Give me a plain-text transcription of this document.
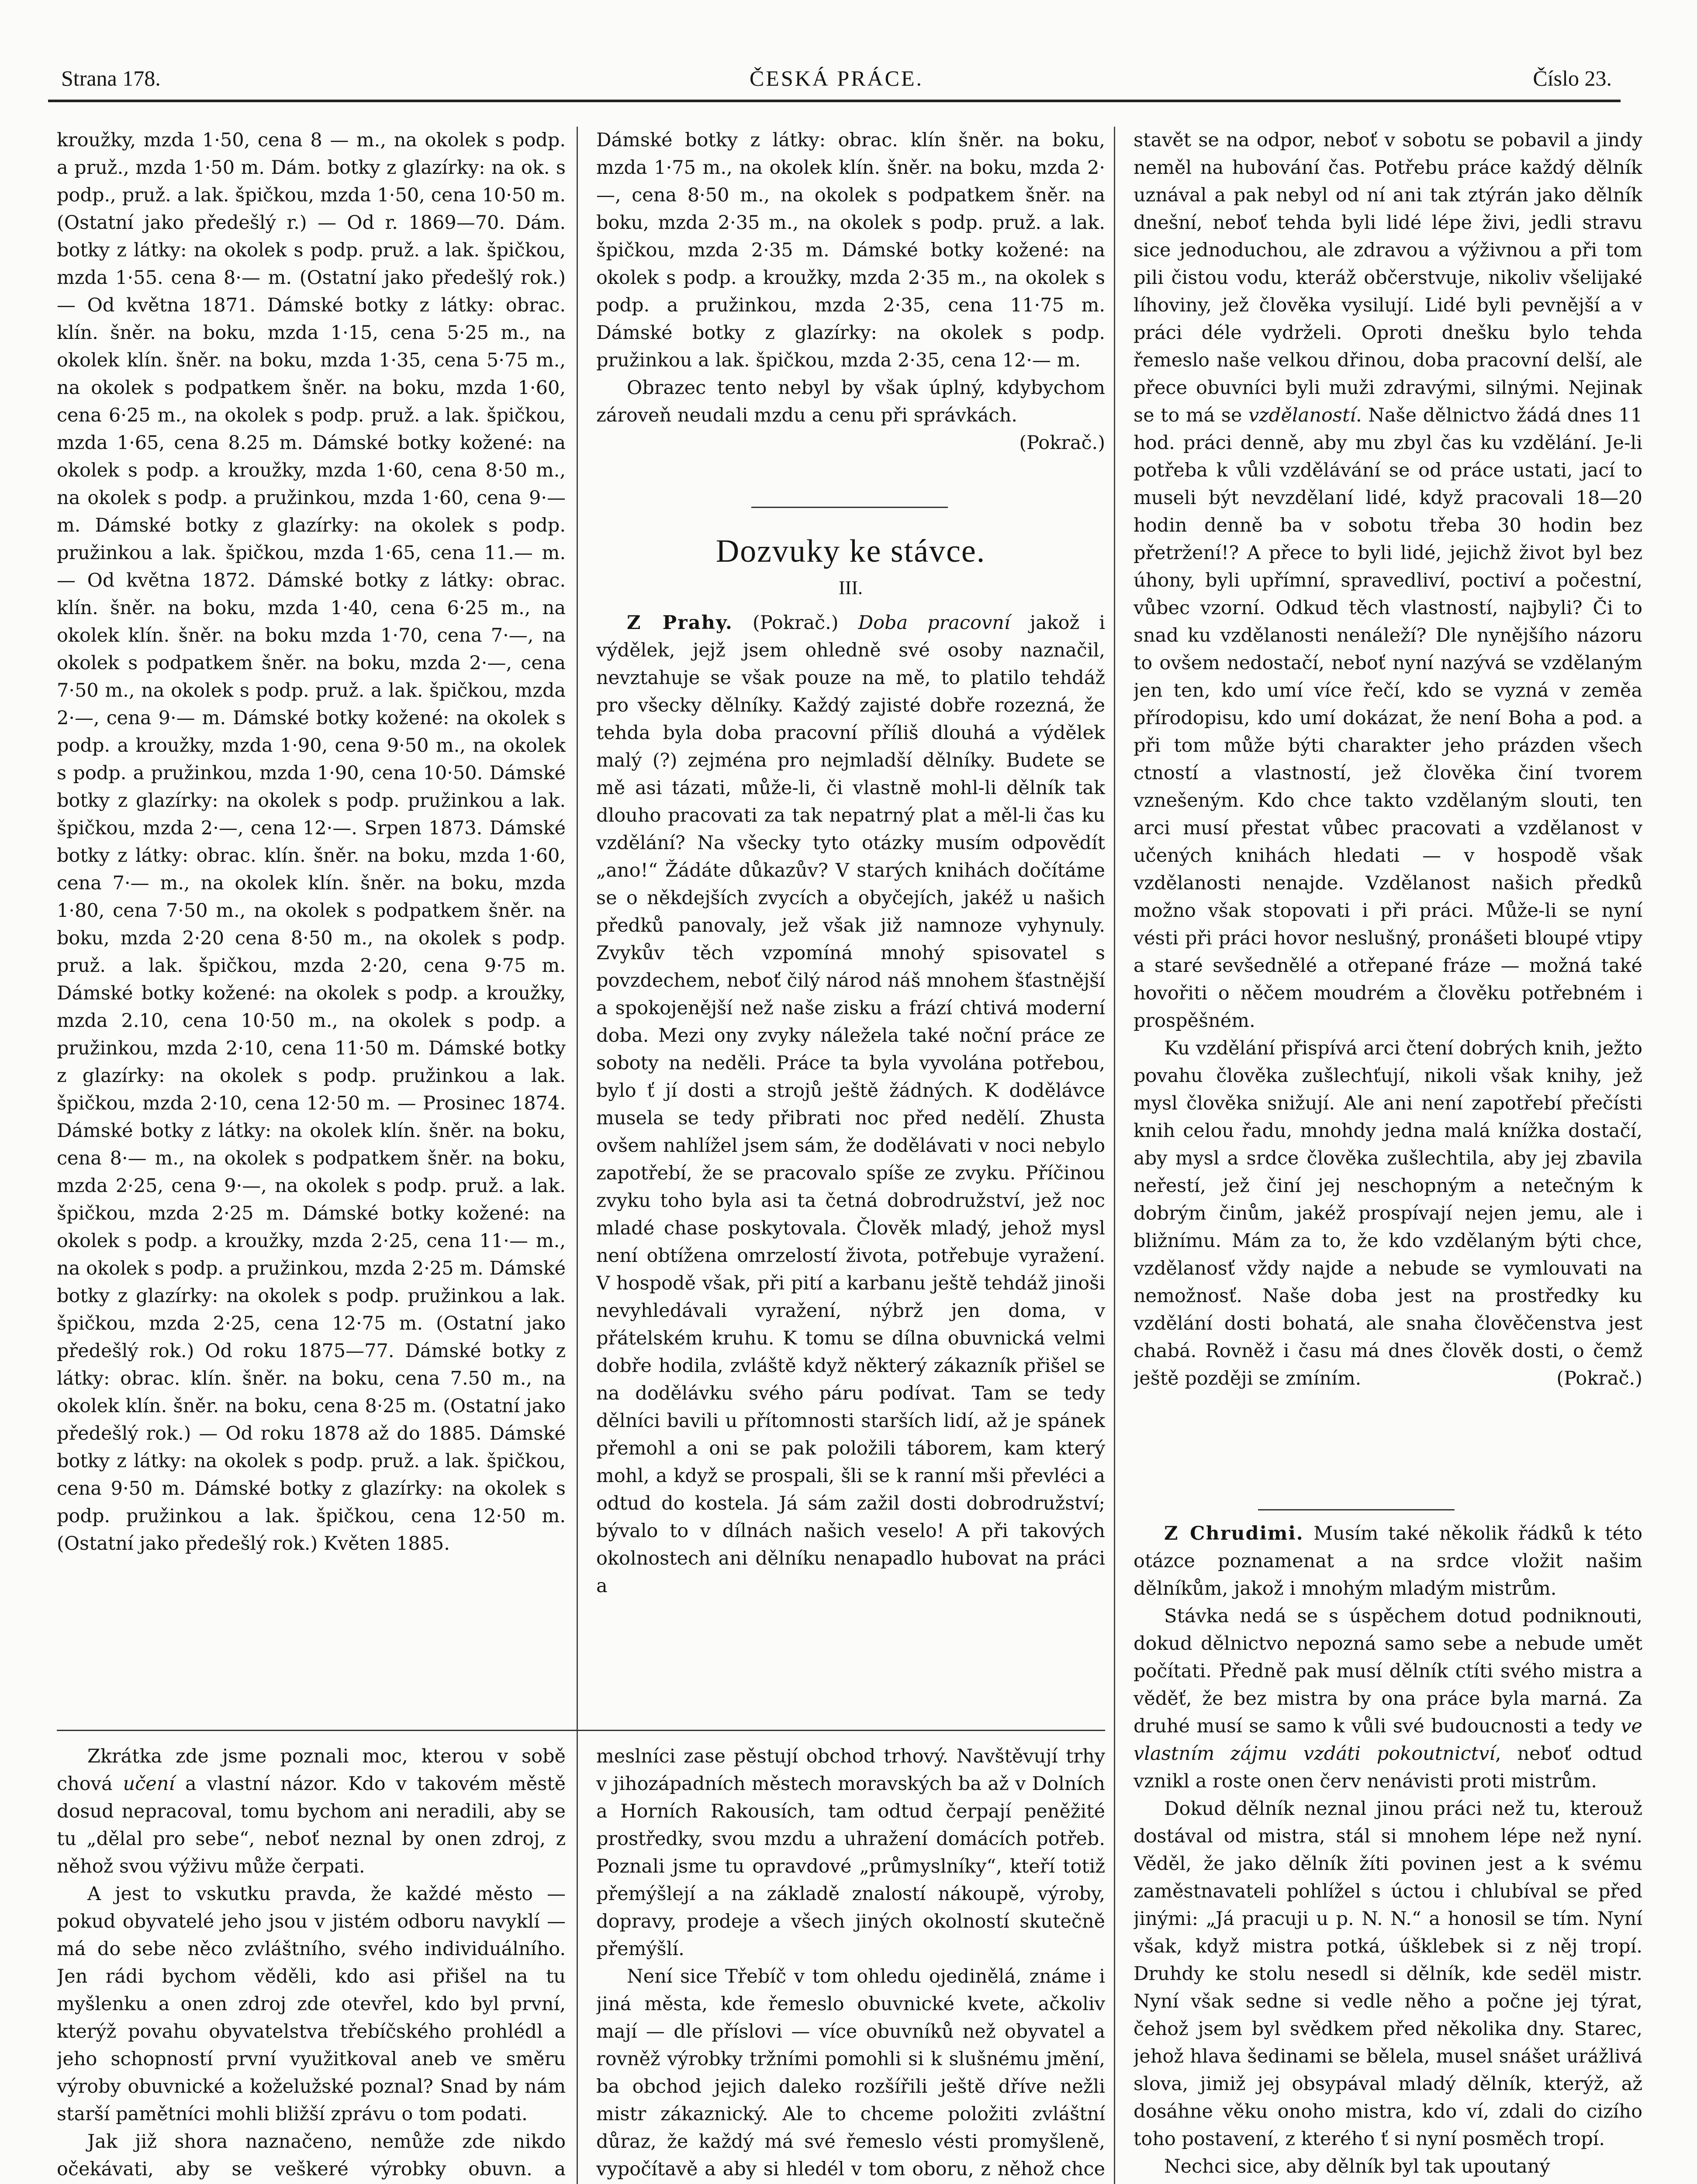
Strana 178.	ČESKÁ PRÁCE.	Číslo 23.

kroužky, mzda 1·50, cena 8 — m., na okolek s podp. a pruž., mzda 1·50 m. Dám. botky z glazírky: na ok. s podp., pruž. a lak. špičkou, mzda 1·50, cena 10·50 m. (Ostatní jako předešlý r.) — Od r. 1869—70. Dám. botky z látky: na okolek s podp. pruž. a lak. špičkou, mzda 1·55. cena 8·— m. (Ostatní jako předešlý rok.) — Od května 1871. Dámské botky z látky: obrac. klín. šněr. na boku, mzda 1·15, cena 5·25 m., na okolek klín. šněr. na boku, mzda 1·35, cena 5·75 m., na okolek s podpatkem šněr. na boku, mzda 1·60, cena 6·25 m., na okolek s podp. pruž. a lak. špičkou, mzda 1·65, cena 8.25 m. Dámské botky kožené: na okolek s podp. a kroužky, mzda 1·60, cena 8·50 m., na okolek s podp. a pružinkou, mzda 1·60, cena 9·— m. Dámské botky z glazírky: na okolek s podp. pružinkou a lak. špičkou, mzda 1·65, cena 11.— m. — Od května 1872. Dámské botky z látky: obrac. klín. šněr. na boku, mzda 1·40, cena 6·25 m., na okolek klín. šněr. na boku mzda 1·70, cena 7·—, na okolek s podpatkem šněr. na boku, mzda 2·—, cena 7·50 m., na okolek s podp. pruž. a lak. špičkou, mzda 2·—, cena 9·— m. Dámské botky kožené: na okolek s podp. a kroužky, mzda 1·90, cena 9·50 m., na okolek s podp. a pružinkou, mzda 1·90, cena 10·50. Dámské botky z glazírky: na okolek s podp. pružinkou a lak. špičkou, mzda 2·—, cena 12·—. Srpen 1873. Dámské botky z látky: obrac. klín. šněr. na boku, mzda 1·60, cena 7·— m., na okolek klín. šněr. na boku, mzda 1·80, cena 7·50 m., na okolek s podpatkem šněr. na boku, mzda 2·20 cena 8·50 m., na okolek s podp. pruž. a lak. špičkou, mzda 2·20, cena 9·75 m. Dámské botky kožené: na okolek s podp. a kroužky, mzda 2.10, cena 10·50 m., na okolek s podp. a pružinkou, mzda 2·10, cena 11·50 m. Dámské botky z glazírky: na okolek s podp. pružinkou a lak. špičkou, mzda 2·10, cena 12·50 m. — Prosinec 1874. Dámské botky z látky: na okolek klín. šněr. na boku, cena 8·— m., na okolek s podpatkem šněr. na boku, mzda 2·25, cena 9·—, na okolek s podp. pruž. a lak. špičkou, mzda 2·25 m. Dámské botky kožené: na okolek s podp. a kroužky, mzda 2·25, cena 11·— m., na okolek s podp. a pružinkou, mzda 2·25 m. Dámské botky z glazírky: na okolek s podp. pružinkou a lak. špičkou, mzda 2·25, cena 12·75 m. (Ostatní jako předešlý rok.) Od roku 1875—77. Dámské botky z látky: obrac. klín. šněr. na boku, cena 7.50 m., na okolek klín. šněr. na boku, cena 8·25 m. (Ostatní jako předešlý rok.) — Od roku 1878 až do 1885. Dámské botky z látky: na okolek s podp. pruž. a lak. špičkou, cena 9·50 m. Dámské botky z glazírky: na okolek s podp. pružinkou a lak. špičkou, cena 12·50 m. (Ostatní jako předešlý rok.) Květen 1885.

Dámské botky z látky: obrac. klín šněr. na boku, mzda 1·75 m., na okolek klín. šněr. na boku, mzda 2·—, cena 8·50 m., na okolek s podpatkem šněr. na boku, mzda 2·35 m., na okolek s podp. pruž. a lak. špičkou, mzda 2·35 m. Dámské botky kožené: na okolek s podp. a kroužky, mzda 2·35 m., na okolek s podp. a pružinkou, mzda 2·35, cena 11·75 m. Dámské botky z glazírky: na okolek s podp. pružinkou a lak. špičkou, mzda 2·35, cena 12·— m.

Obrazec tento nebyl by však úplný, kdybychom zároveň neudali mzdu a cenu při správkách.
(Pokrač.)

Dozvuky ke stávce.
III.

Z Prahy. (Pokrač.) Doba pracovní jakož i výdělek, jejž jsem ohledně své osoby naznačil, nevztahuje se však pouze na mě, to platilo tehdáž pro všecky dělníky. Každý zajisté dobře rozezná, že tehda byla doba pracovní příliš dlouhá a výdělek malý (?) zejména pro nejmladší dělníky. Budete se mě asi tázati, může-li, či vlastně mohl-li dělník tak dlouho pracovati za tak nepatrný plat a měl-li čas ku vzdělání? Na všecky tyto otázky musím odpovědít „ano!“ Žádáte důkazův? V starých knihách dočítáme se o někdejších zvycích a obyčejích, jakéž u našich předků panovaly, jež však již namnoze vyhynuly. Zvykův těch vzpomíná mnohý spisovatel s povzdechem, neboť čilý národ náš mnohem šťastnější a spokojenější než naše zisku a frází chtivá moderní doba. Mezi ony zvyky náleželа také noční práce ze soboty na neděli. Práce ta byla vyvolána potřebou, bylo ť jí dosti a strojů ještě žádných. K dodělávce musela se tedy přibrati noc před nedělí. Zhusta ovšem nahlížel jsem sám, že dodělávati v noci nebylo zapotřebí, že se pracovalo spíše ze zvyku. Příčinou zvyku toho byla asi ta četná dobrodružství, jež noc mladé chase poskytovala. Člověk mladý, jehož mysl není obtížena omrzelostí života, potřebuje vyražení. V hospodě však, při pití a karbanu ještě tehdáž jinoši nevyhledávali vyražení, nýbrž jen doma, v přátelském kruhu. K tomu se dílna obuvnická velmi dobře hodila, zvláště když některý zákazník přišel se na dodělávku svého páru podívat. Tam se tedy dělníci bavili u přítomnosti starších lidí, až je spánek přemohl a oni se pak položili táborem, kam který mohl, a když se prospali, šli se k ranní mši převléci a odtud do kostela. Já sám zažil dosti dobrodružství; bývalo to v dílnách našich veselo! A při takových okolnostech ani dělníku nenapadlo hubovat na práci a

stavět se na odpor, neboť v sobotu se pobavil a jindy neměl na hubování čas. Potřebu práce každý dělník uznával a pak nebyl od ní ani tak ztýrán jako dělník dnešní, neboť tehda byli lidé lépe živi, jedli stravu sice jednoduchou, ale zdravou a výživnou a při tom pili čistou vodu, kteráž občerstvuje, nikoliv všeliјaké líhoviny, jež člověka vysilují. Lidé byli pevnější a v práci déle vydrželi. Oproti dnešku bylo tehda řemeslo naše velkou dřinou, doba pracovní delší, ale přece obuvníci byli muži zdravými, silnými. Nejinak se to má se vzdělaností. Naše dělnictvo žádá dnes 11 hod. práci denně, aby mu zbyl čas ku vzdělání. Je-li potřeba k vůli vzdělávání se od práce ustati, jací to museli být nevzdělaní lidé, když pracovali 18—20 hodin denně ba v sobotu třeba 30 hodin bez přetržení!? A přece to byli lidé, jejichž život byl bez úhony, byli upřímní, spravedliví, poctiví a počestní, vůbec vzorní. Odkud těch vlastností, najbyli? Či to snad ku vzdělanosti nenáleží? Dle nynějšího názoru to ovšem nedostačí, neboť nyní nazývá se vzdělaným jen ten, kdo umí více řečí, kdo se vyzná v zeměa přírodopisu, kdo umí dokázat, že není Boha a pod. a při tom může býti charakter jeho prázden všech ctností a vlastností, jež člověka činí tvorem vznešeným. Kdo chce takto vzdělaným slouti, ten arci musí přestat vůbec pracovati a vzdělanost v učených knihách hledati — v hospodě však vzdělanosti nenajde. Vzdělanost našich předků možno však stopovati i při práci. Může-li se nyní vésti při práci hovor neslušný, pronášeti bloupé vtipy a staré sevšednělé a otřepané fráze — možná také hovořiti o něčem moudrém a člověku potřebném i prospěšném.

Ku vzdělání přispívá arci čtení dobrých knih, ježto povahu člověka zušlechťují, nikoli však knihy, jež mysl člověka snižují. Ale ani není zapotřebí přečísti knih celou řadu, mnohdy jedna malá knížka dostačí, aby mysl a srdce člověka zušlechtila, aby jej zbavila neřestí, jež činí jej neschopným a netečným k dobrým činům, jakéž prospívají nejen jemu, ale i bližnímu. Mám za to, že kdo vzdělaným býti chce, vzdělanosť vždy najde a nebude se vymlouvati na nemožnosť. Naše doba jest na prostředky ku vzdělání dosti bohatá, ale snaha člověčenstva jest chabá. Rovněž i času má dnes člověk dosti, o čemž ještě později se zmíním.	(Pokrač.)

Z Chrudimi. Musím také několik řádků k této otázce poznamenat a na srdce vložit našim dělníkům, jakož i mnohým mladým mistrům.

Stávka nedá se s úspěchem dotud podniknouti, dokud dělnictvo nepozná samo sebe a nebude umět počítati. Předně pak musí dělník ctíti svého mistra a věděť, že bez mistra by ona práce byla marná. Za druhé musí se samo k vůli své budoucnosti a tedy ve vlastním zájmu vzdáti pokoutnictví, neboť odtud vznikl a roste onen červ nenávisti proti mistrům.

Dokud dělník neznal jinou práci než tu, kterouž dostával od mistra, stál si mnohem lépe než nyní. Věděl, že jako dělník žíti povinen jest a k svému zaměstnavateli pohlížel s úctou i chlubíval se před jinými: „Já pracuji u p. N. N.“ a honosil se tím. Nyní však, když mistra potká, úšklebek si z něj tropí. Druhdy ke stolu nesedl si dělník, kde sedël mistr. Nyní však sedne si vedle něho a počne jej týrat, čehož jsem byl svědkem před několika dny. Starec, jehož hlava šedinami se bělela, musel snášet urážlivá slova, jimiž jej obsypával mladý dělník, kterýž, až dosáhne věku onoho mistra, kdo ví, zdali do cizího toho postavení, z kterého ť si nyní posměch tropí.

Nechci sice, aby dělník byl tak upoutaný

Zkrátka zde jsme poznali moc, kterou v sobě chová učení a vlastní názor. Kdo v takovém městě dosud nepracoval, tomu bychom ani neradili, aby se tu „dělal pro sebe“, neboť neznal by onen zdroj, z něhož svou výživu může čerpati.

A jest to vskutku pravda, že každé město — pokud obyvatelé jeho jsou v jistém odboru navyklí — má do sebe něco zvláštního, svého individuálního. Jen rádi bychom věděli, kdo asi přišel na tu myšlenku a onen zdroj zde otevřel, kdo byl první, kterýž povahu obyvatelstva třebíčského prohlédl a jeho schopností první využitkoval aneb ve směru výroby obuvnické a koželužské poznal? Snad by nám starší pamětníci mohli bližší zprávu o tom podati.

Jak již shora naznačeno, nemůže zde nikdo očekávati, aby se veškeré výrobky obuvn. a

meslníci zase pěstují obchod trhový. Navštěvují trhy v jihozápadních městech moravských ba až v Dolních a Horních Rakousích, tam odtud čerpají peněžité prostředky, svou mzdu a uhražení domácích potřeb. Poznali jsme tu opravdové „průmyslníky“, kteří totiž přemýšlejí a na základě znalostí nákoupě, výroby, dopravy, prodeje a všech jiných okolností skutečně přemýšlí.

Není sice Třebíč v tom ohledu ojedinělá, známe i jiná města, kde řemeslo obuvnické kvete, ačkoliv mají — dle příslovi — více obuvníků než obyvatel a rovněž výrobky tržními pomohli si k slušnému jmění, ba obchod jejich daleko rozšířili ještě dříve nežli mistr zákaznický. Ale to chceme položiti zvláštní důraz, že každý má své řemeslo vésti promyšleně, vypočítavě a aby si hledél v tom oboru, z něhož chce
